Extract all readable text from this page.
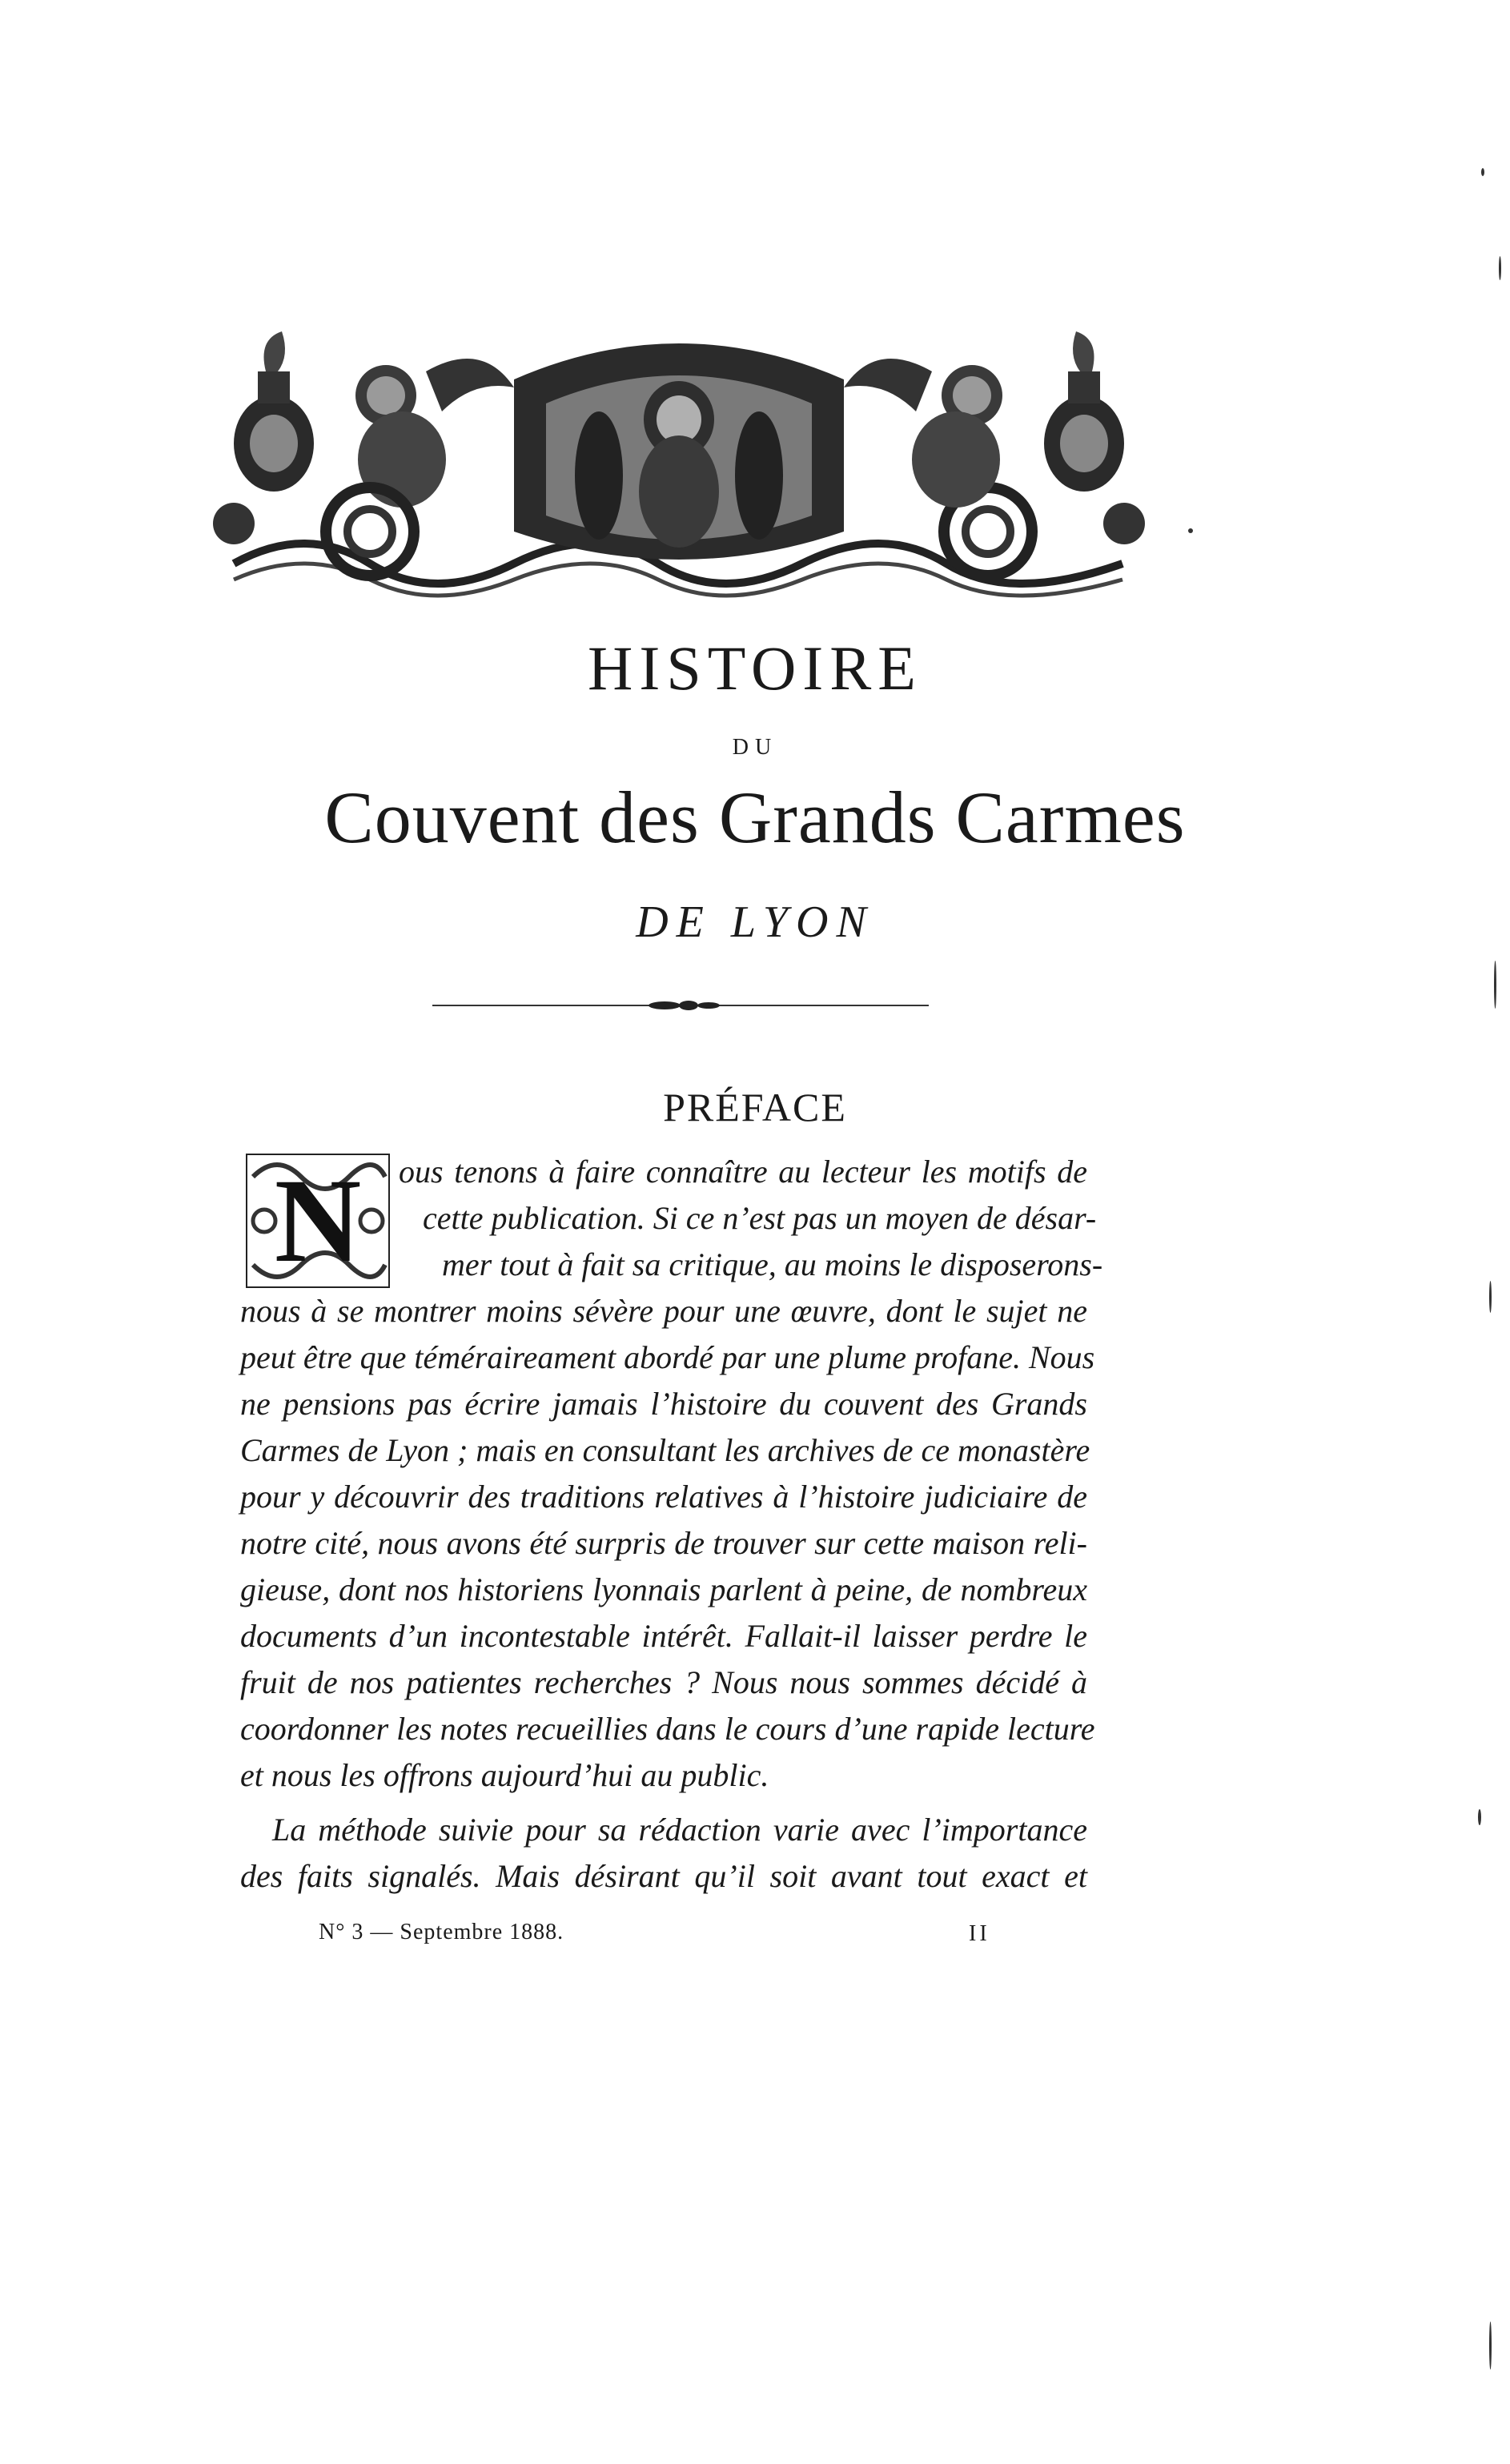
HISTOIRE
DU
Couvent des Grands Carmes
DE LYON
PRÉFACE
N	ous tenons à faire connaître au lecteur les motifs de
cette publication. Si ce n’est pas un moyen de désar-
mer tout à fait sa critique, au moins le disposerons-
nous à se montrer moins sévère pour une œuvre, dont le sujet ne
peut être que téméraireament abordé par une plume profane. Nous
ne pensions pas écrire jamais l’histoire du couvent des Grands
Carmes de Lyon ; mais en consultant les archives de ce monastère
pour y découvrir des traditions relatives à l’histoire judiciaire de
notre cité, nous avons été surpris de trouver sur cette maison reli-
gieuse, dont nos historiens lyonnais parlent à peine, de nombreux
documents d’un incontestable intérêt. Fallait-il laisser perdre le
fruit de nos patientes recherches ? Nous nous sommes décidé à
coordonner les notes recueillies dans le cours d’une rapide lecture
et nous les offrons aujourd’hui au public.
La méthode suivie pour sa rédaction varie avec l’importance
des faits signalés. Mais désirant qu’il soit avant tout exact et
N° 3 — Septembre 1888.	II
